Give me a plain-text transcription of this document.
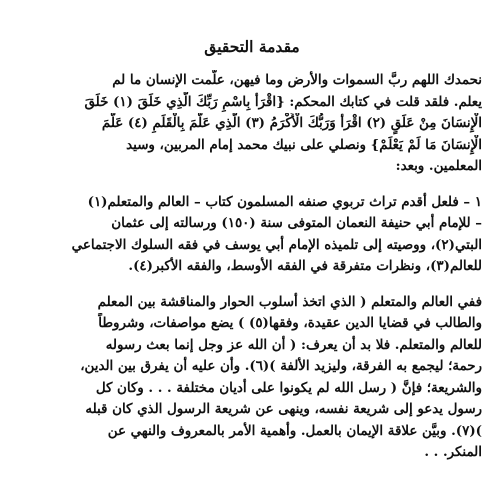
مقدمة التحقيق
نحمدك اللهم ربَّ السموات والأرض وما فيهن، علَّمت الإنسان ما لم
يعلم. فلقد قلت في كتابك المحكم: {اقْرَأْ بِاسْمِ رَبِّكَ الَّذِي خَلَقَ (١) خَلَقَ
الْإِنسَانَ مِنْ عَلَقٍ (٢) اقْرَأْ وَرَبُّكَ الْأَكْرَمُ (٣) الَّذِي عَلَّمَ بِالْقَلَمِ (٤) عَلَّمَ
الْإِنسَانَ مَا لَمْ يَعْلَمْ} ونصلي على نبيك محمد إمام المربين، وسيد
المعلمين. وبعد:
١ – فلعل أقدم تراث تربوي صنفه المسلمون كتاب – العالم والمتعلم(١)
– للإمام أبي حنيفة النعمان المتوفى سنة (١٥٠) ورسالته إلى عثمان
البتي(٢)، ووصيته إلى تلميذه الإمام أبي يوسف في فقه السلوك الاجتماعي
للعالم(٣)، ونظرات متفرقة في الفقه الأوسط، والفقه الأكبر(٤).
ففي العالم والمتعلم ( الذي اتخذ أسلوب الحوار والمناقشة بين المعلم
والطالب في قضايا الدين عقيدة، وفقها(٥) ) يضع مواصفات، وشروطاً
للعالم والمتعلم. فلا بد أن يعرف: ( أن الله عز وجل إنما بعث رسوله
رحمة؛ ليجمع به الفرقة، وليزيد الألفة )(٦). وأن عليه أن يفرق بين الدين،
والشريعة؛ فإنَّ ( رسل الله لم يكونوا على أديان مختلفة . . . وكان كل
رسول يدعو إلى شريعة نفسه، وينهى عن شريعة الرسول الذي كان قبله
)(٧). وبيَّن علاقة الإيمان بالعمل. وأهمية الأمر بالمعروف والنهي عن
المنكر. . .
